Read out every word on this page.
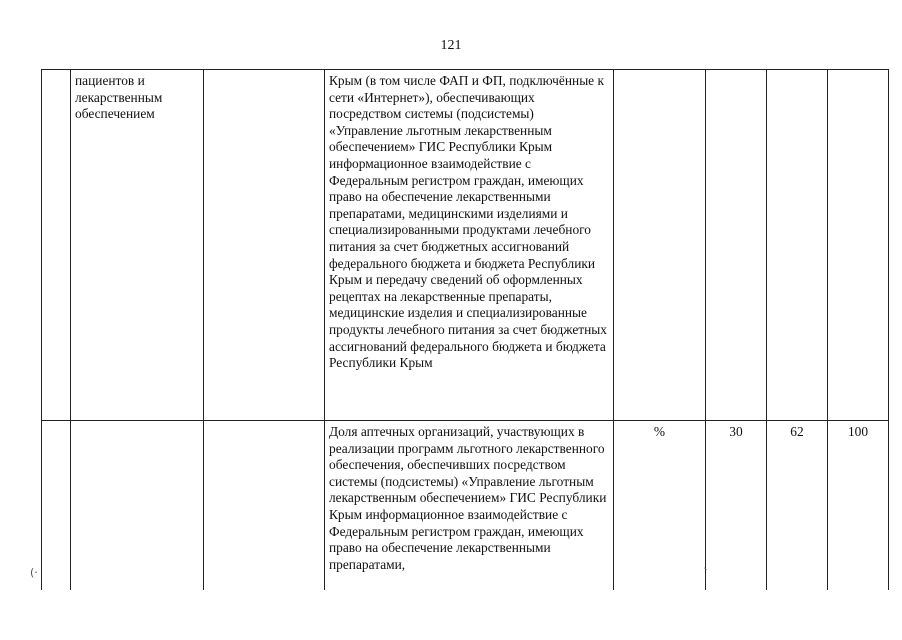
121
	пациентов и лекарственным обеспечением		Крым (в том числе ФАП и ФП, подключённые к сети «Интернет»), обеспечивающих посредством системы (подсистемы) «Управление льготным лекарственным обеспечением» ГИС Республики Крым информационное взаимодействие с Федеральным регистром граждан, имеющих право на обеспечение лекарственными препаратами, медицинскими изделиями и специализированными продуктами лечебного питания за счет бюджетных ассигнований федерального бюджета и бюджета Республики Крым и передачу сведений об оформленных рецептах на лекарственные препараты, медицинские изделия и специализированные продукты лечебного питания за счет бюджетных ассигнований федерального бюджета и бюджета Республики Крым				
			Доля аптечных организаций, участвующих в реализации программ льготного лекарственного обеспечения, обеспечивших посредством системы (подсистемы) «Управление льготным лекарственным обеспечением» ГИС Республики Крым информационное взаимодействие с Федеральным регистром граждан, имеющих право на обеспечение лекарственными препаратами,	%	30	62	100
(·
ˎ
